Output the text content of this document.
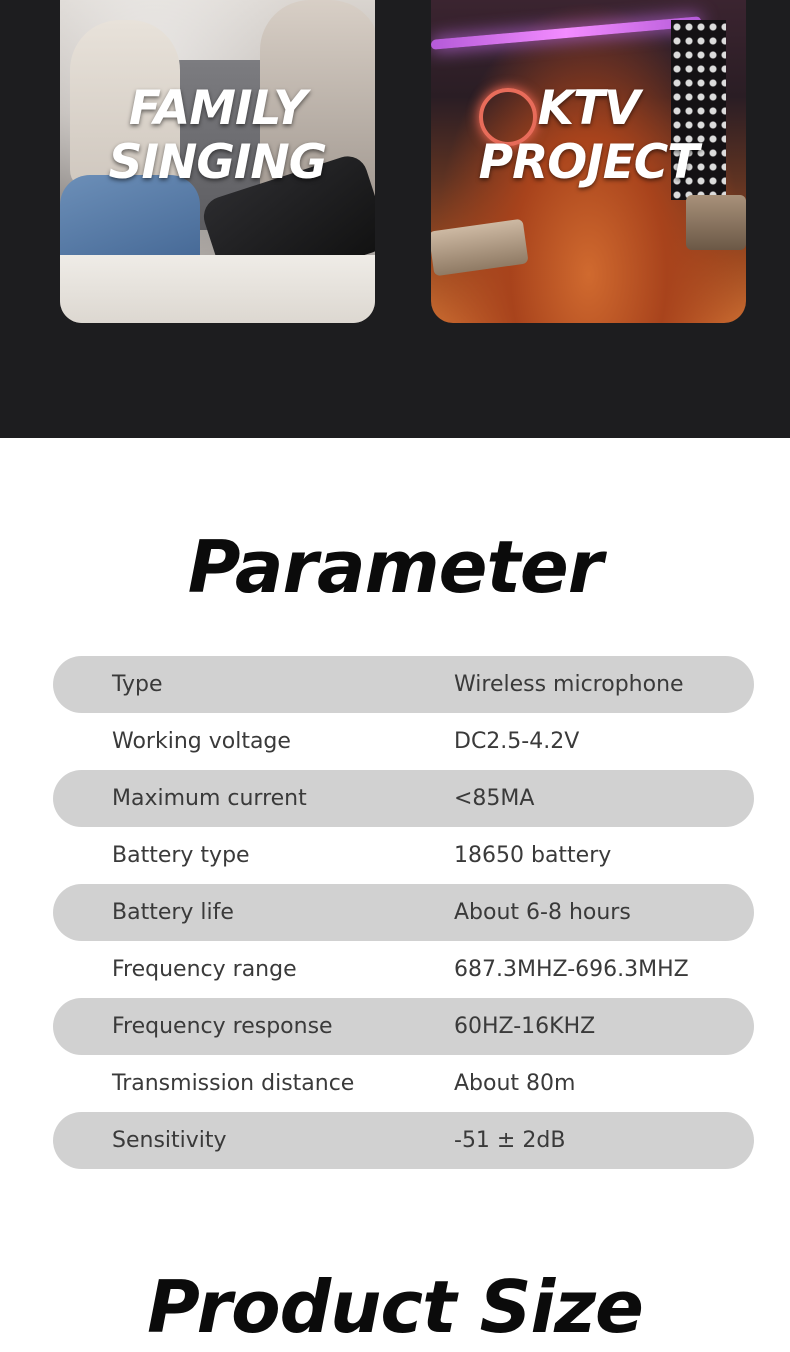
FAMILY
SINGING
KTV
PROJECT
Parameter
Type	Wireless microphone
Working voltage	DC2.5-4.2V
Maximum current	<85MA
Battery type	18650 battery
Battery life	About 6-8 hours
Frequency range	687.3MHZ-696.3MHZ
Frequency response	60HZ-16KHZ
Transmission distance	About 80m
Sensitivity	-51 ± 2dB
Product Size
